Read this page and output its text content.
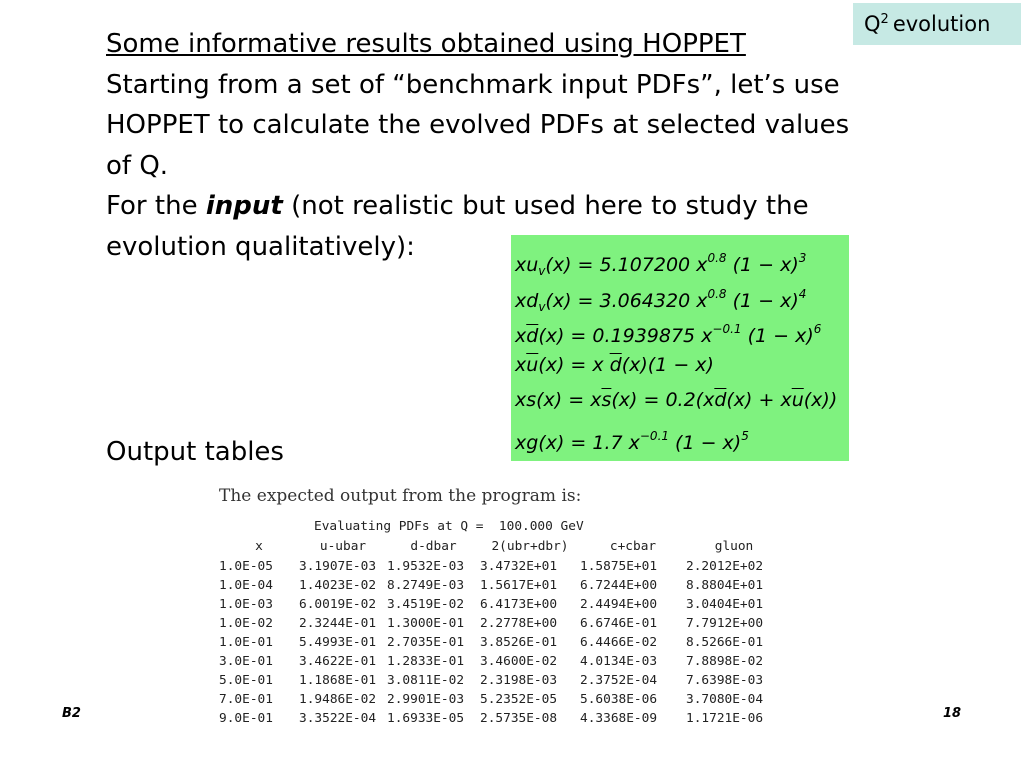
$Q^2$ evolution
Some informative results obtained using HOPPET
Starting from a set of “benchmark input PDFs”, let’s use
HOPPET to calculate the evolved PDFs at selected values
of Q.
For the input (not realistic but used here to study the
evolution qualitatively):
$xu_v(x) = 5.107200$ $x^{0.8}$ $(1 - x)^3$
$xd_v(x) = 3.064320$ $x^{0.8}$ $(1 - x)^4$
$x\overline{d}(x) = 0.1939875$ $x^{-0.1}$ $(1 - x)^6$
$x\overline{u}(x) = x$ $\overline{d}(x)(1 - x)$
$xs(x) = x\overline{s}(x) = 0.2(x\overline{d}(x) + x\overline{u}(x))$
xg(x) = 1.7 $x^{-0.1}$ $(1 - x)^5$
Output tables
The expected output from the program is:
Evaluating PDFs at Q =  100.000 GeV
x	u-ubar	d-dbar	2(ubr+dbr)	c+cbar	gluon
1.0E-05 3.1907E-03 1.9532E-03 3.4732E+01 1.5875E+01 2.2012E+02
1.0E-04 1.4023E-02 8.2749E-03 1.5617E+01 6.7244E+00 8.8804E+01
1.0E-03 6.0019E-02 3.4519E-02 6.4173E+00 2.4494E+00 3.0404E+01
1.0E-02 2.3244E-01 1.3000E-01 2.2778E+00 6.6746E-01 7.7912E+00
1.0E-01 5.4993E-01 2.7035E-01 3.8526E-01 6.4466E-02 8.5266E-01
3.0E-01 3.4622E-01 1.2833E-01 3.4600E-02 4.0134E-03 7.8898E-02
5.0E-01 1.1868E-01 3.0811E-02 2.3198E-03 2.3752E-04 7.6398E-03
7.0E-01 1.9486E-02 2.9901E-03 5.2352E-05 5.6038E-06 3.7080E-04
9.0E-01 3.3522E-04 1.6933E-05 2.5735E-08 4.3368E-09 1.1721E-06
B2	18
